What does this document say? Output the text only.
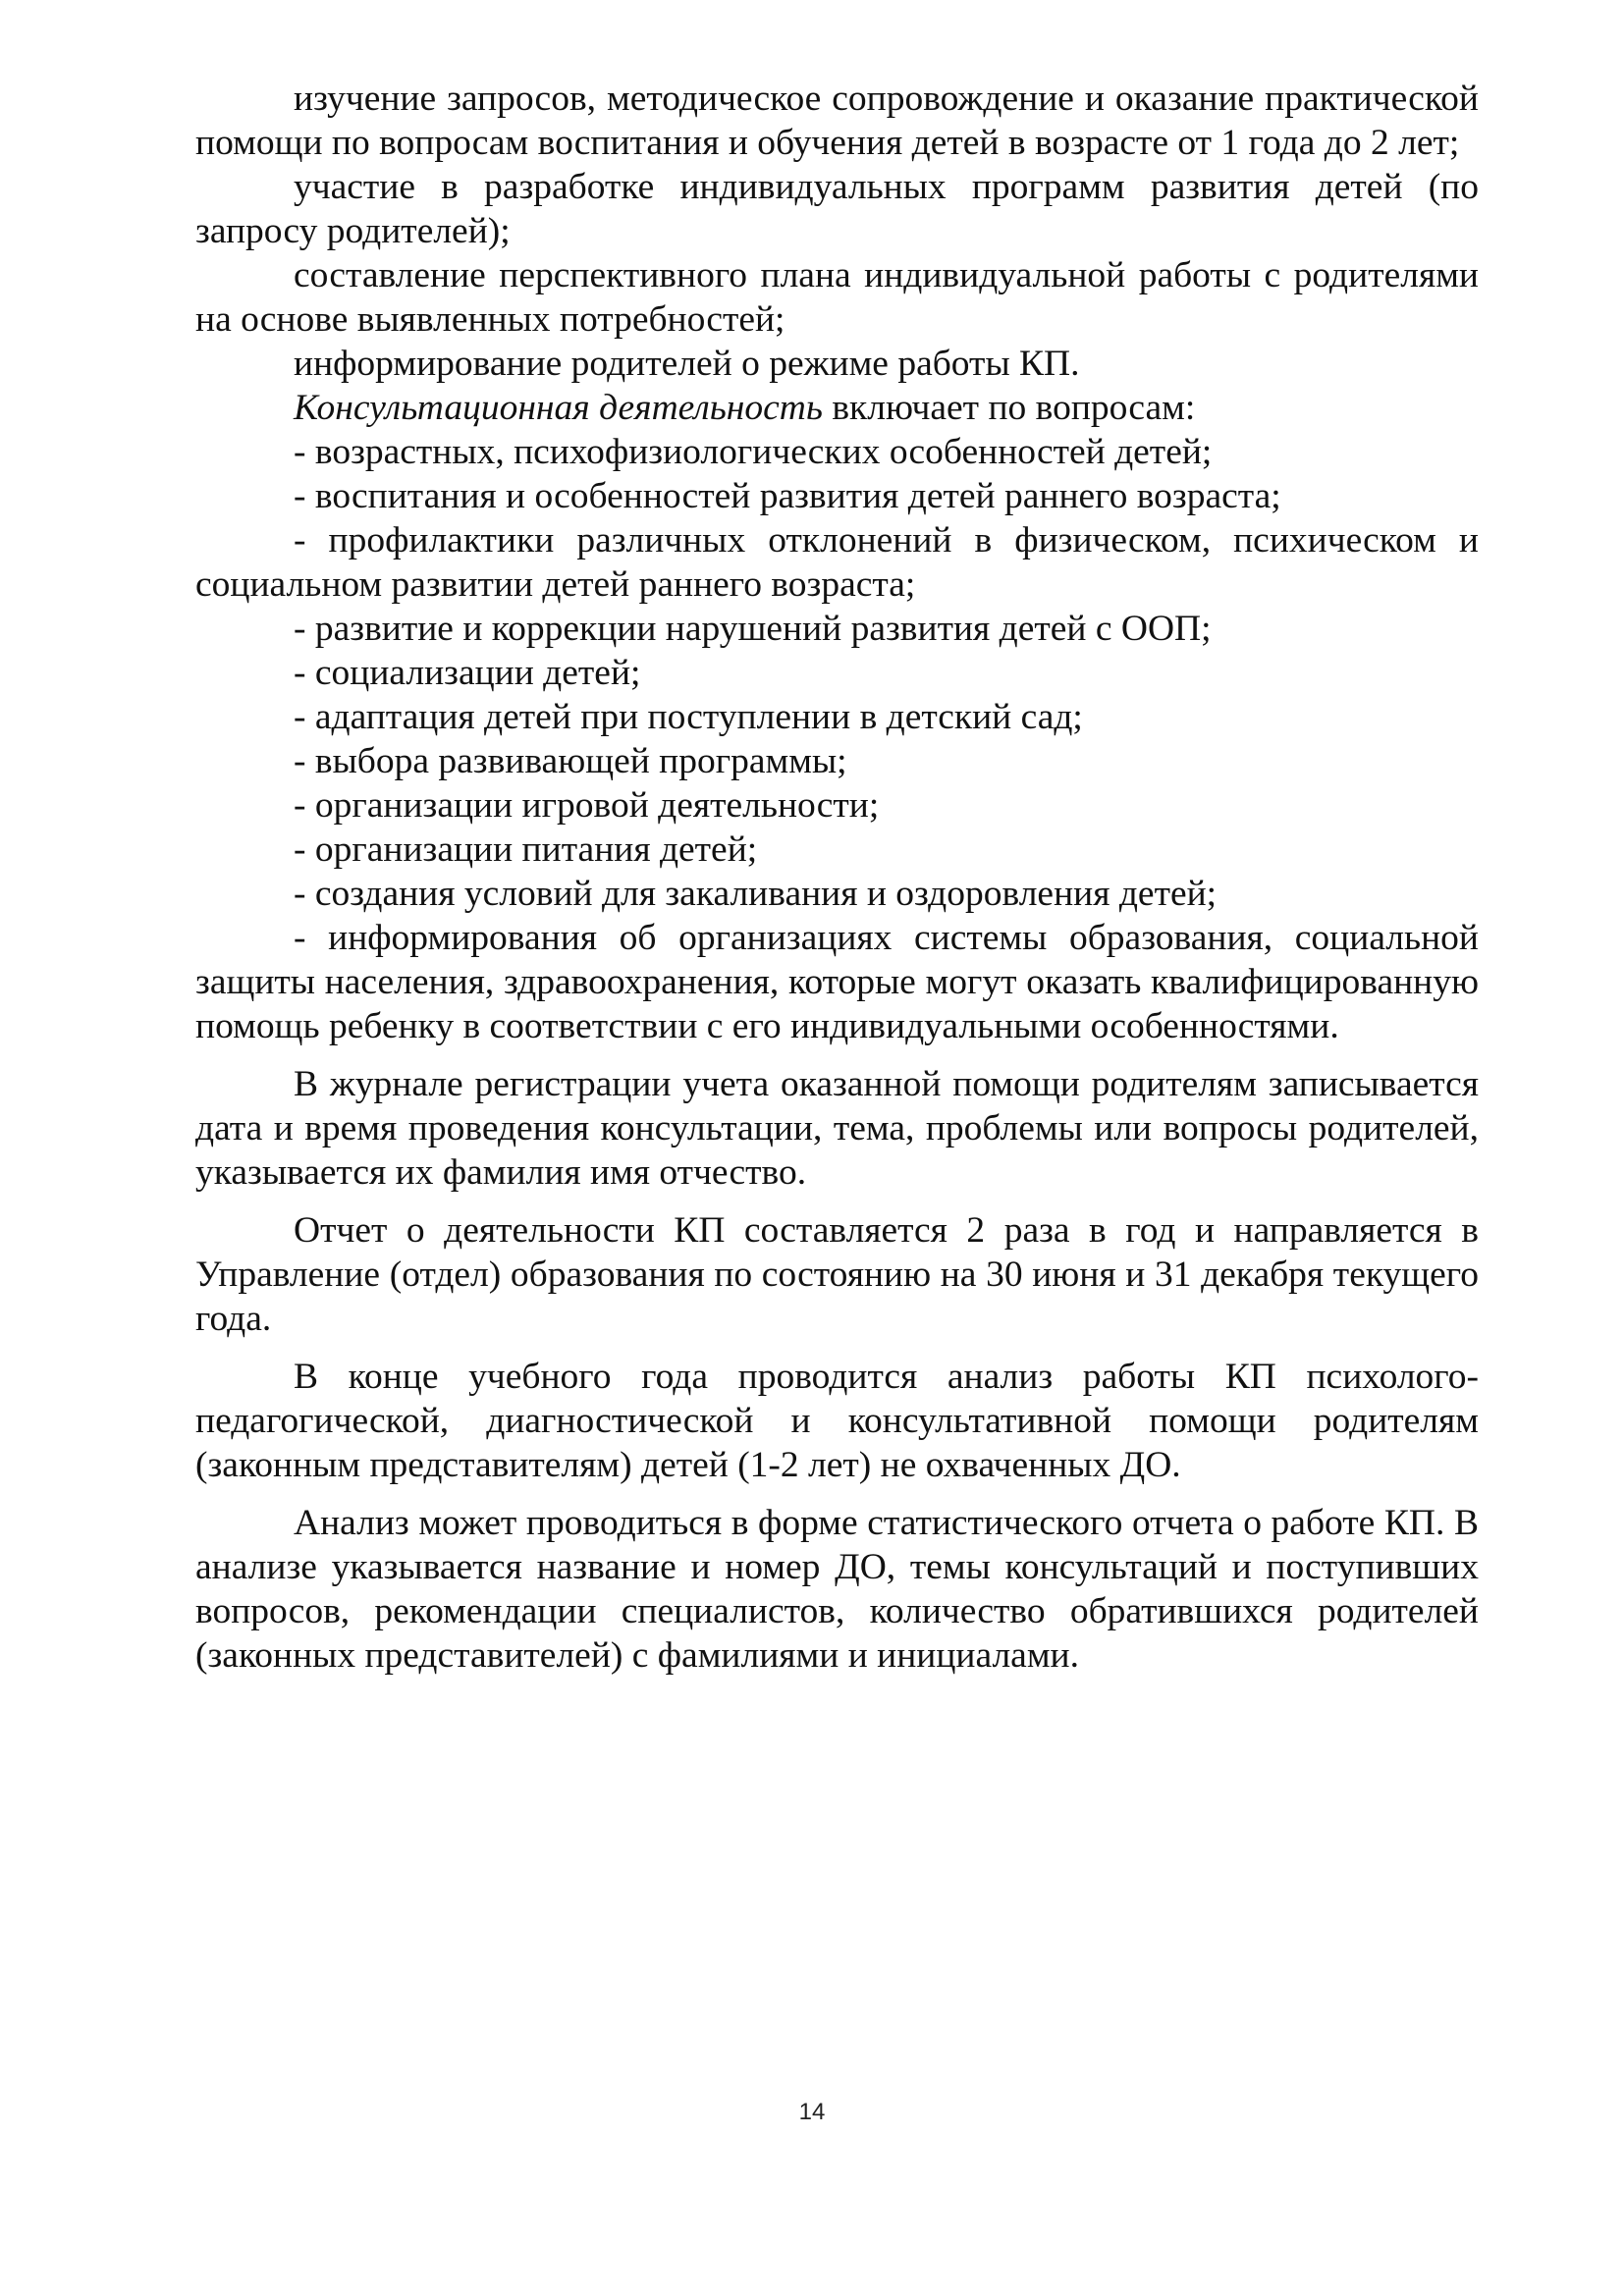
изучение запросов, методическое сопровождение и оказание практической помощи по вопросам воспитания и обучения детей в возрасте от 1 года до 2 лет;

участие в разработке индивидуальных программ развития детей (по запросу родителей);

составление перспективного плана индивидуальной работы с родителями на основе выявленных потребностей;

информирование родителей о режиме работы КП.

Консультационная деятельность включает по вопросам:

- возрастных, психофизиологических особенностей детей;

- воспитания и особенностей развития детей раннего возраста;

- профилактики различных отклонений в физическом, психическом и социальном развитии детей раннего возраста;

- развитие и коррекции нарушений развития детей с ООП;

- социализации детей;

- адаптация детей при поступлении в детский сад;

- выбора развивающей программы;

- организации игровой деятельности;

- организации питания детей;

- создания условий для закаливания и оздоровления детей;

- информирования об организациях системы образования, социальной защиты населения, здравоохранения, которые могут оказать квалифицированную помощь ребенку в соответствии с его индивидуальными особенностями.

В журнале регистрации учета оказанной помощи родителям записывается дата и время проведения консультации, тема, проблемы или вопросы родителей, указывается их фамилия имя отчество.

Отчет о деятельности КП составляется 2 раза в год и направляется в Управление (отдел) образования по состоянию на 30 июня и 31 декабря текущего года.

В конце учебного года проводится анализ работы КП психолого-педагогической, диагностической и консультативной помощи родителям (законным представителям) детей (1-2 лет) не охваченных ДО.

Анализ может проводиться в форме статистического отчета о работе КП. В анализе указывается название и номер ДО, темы консультаций и поступивших вопросов, рекомендации специалистов, количество обратившихся родителей (законных представителей) с фамилиями и инициалами.

14
